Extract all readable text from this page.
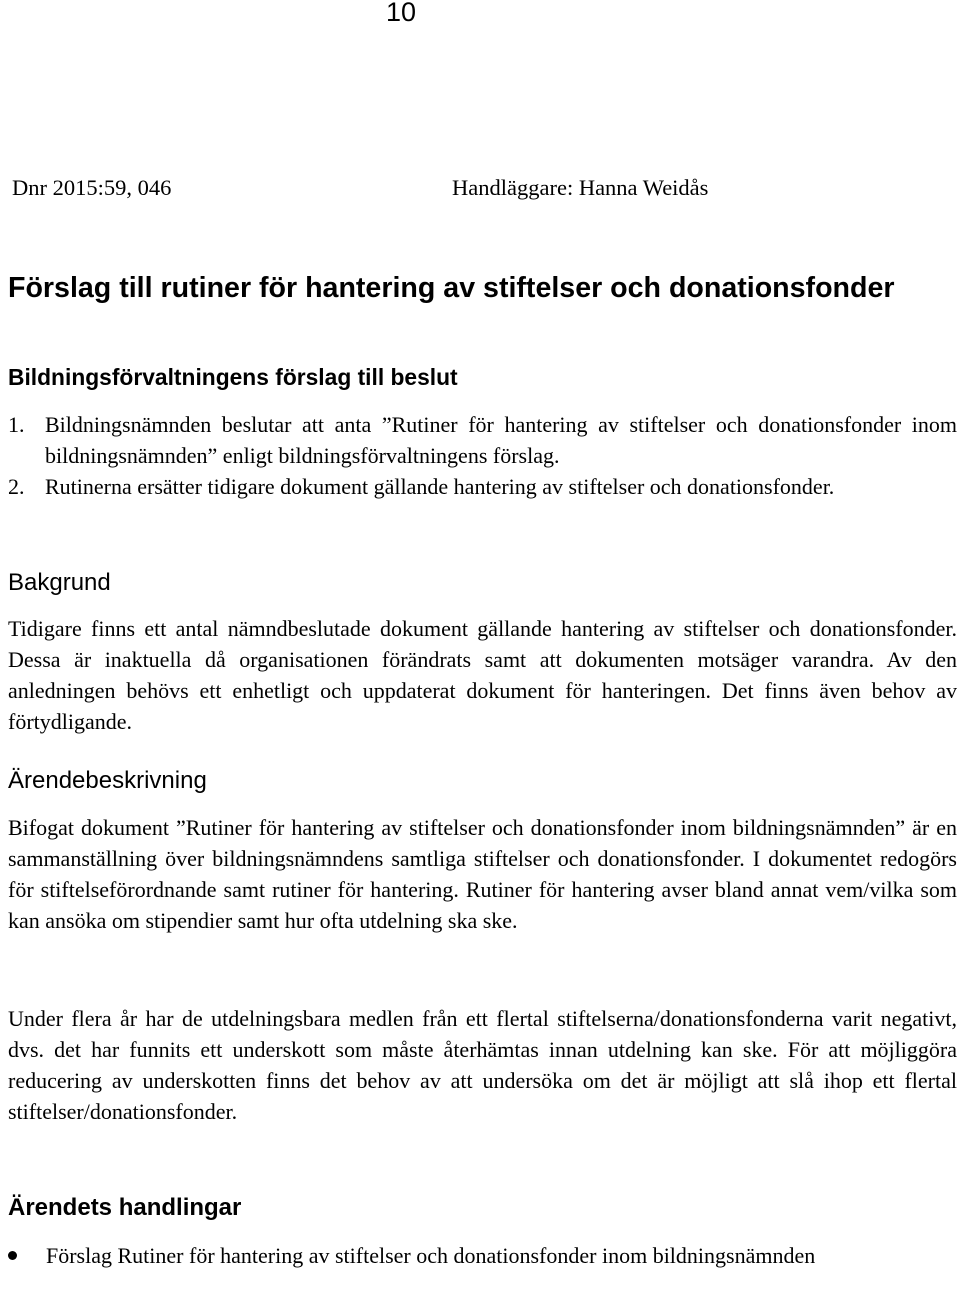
10

Dnr 2015:59, 046	Handläggare: Hanna Weidås

Förslag till rutiner för hantering av stiftelser och donationsfonder
Bildningsförvaltningens förslag till beslut
1. Bildningsnämnden beslutar att anta ”Rutiner för hantering av stiftelser och donationsfonder inom bildningsnämnden” enligt bildningsförvaltningens förslag.
2. Rutinerna ersätter tidigare dokument gällande hantering av stiftelser och donationsfonder.
Bakgrund

Tidigare finns ett antal nämndbeslutade dokument gällande hantering av stiftelser och donationsfonder. Dessa är inaktuella då organisationen förändrats samt att dokumenten motsäger varandra. Av den anledningen behövs ett enhetligt och uppdaterat dokument för hanteringen. Det finns även behov av förtydligande.

Ärendebeskrivning

Bifogat dokument ”Rutiner för hantering av stiftelser och donationsfonder inom bildningsnämnden” är en sammanställning över bildningsnämndens samtliga stiftelser och donationsfonder. I dokumentet redogörs för stiftelseförordnande samt rutiner för hantering. Rutiner för hantering avser bland annat vem/vilka som kan ansöka om stipendier samt hur ofta utdelning ska ske.

Under flera år har de utdelningsbara medlen från ett flertal stiftelserna/donationsfonderna varit negativt, dvs. det har funnits ett underskott som måste återhämtas innan utdelning kan ske. För att möjliggöra reducering av underskotten finns det behov av att undersöka om det är möjligt att slå ihop ett flertal stiftelser/donationsfonder.

Ärendets handlingar
Förslag Rutiner för hantering av stiftelser och donationsfonder inom bildningsnämnden
